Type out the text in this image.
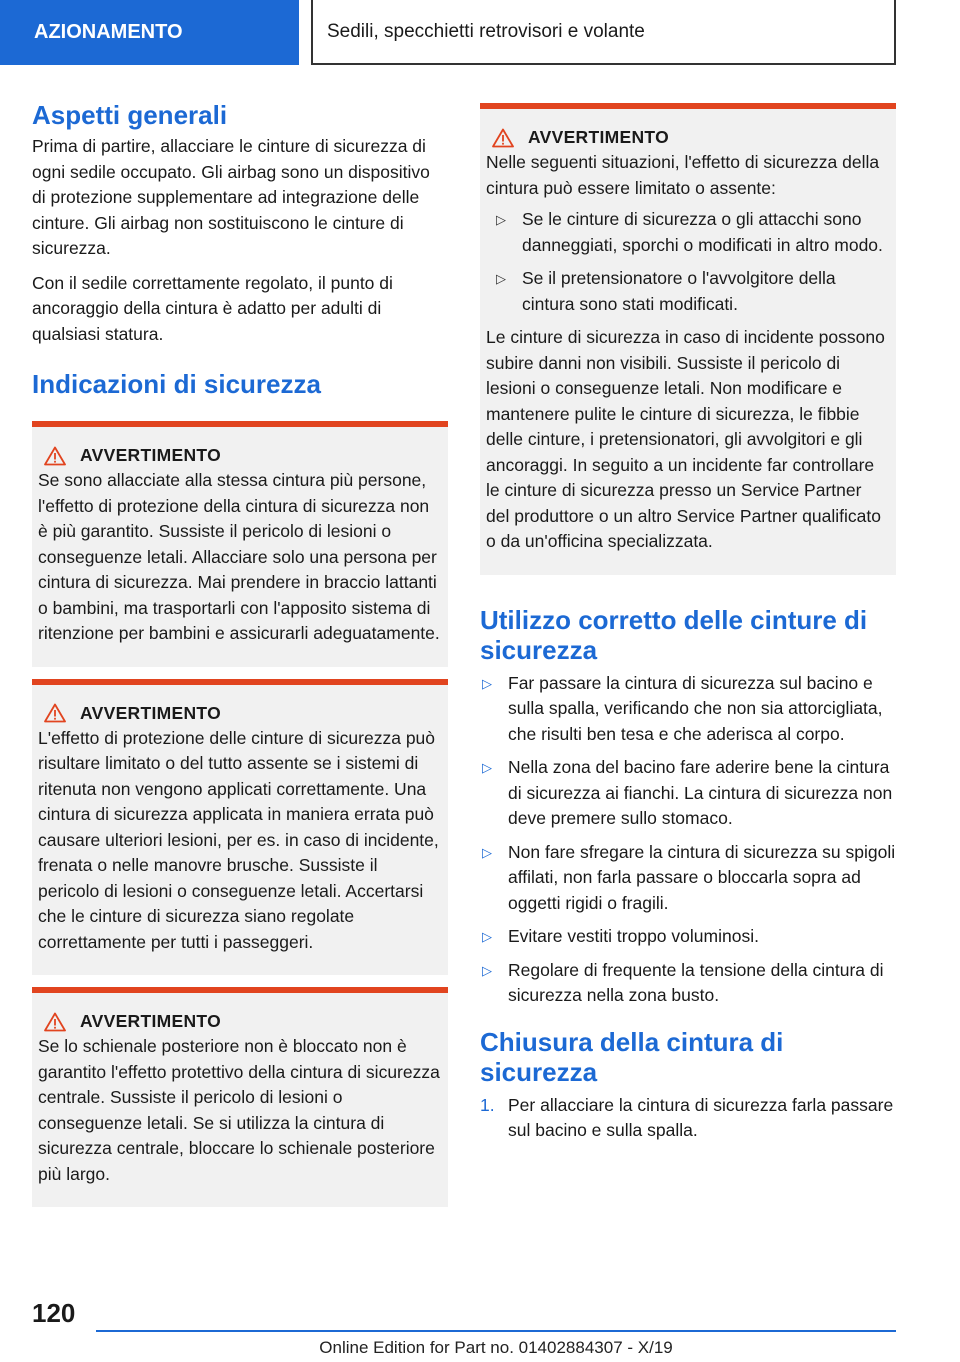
AZIONAMENTO	Sedili, specchietti retrovisori e volante
Aspetti generali

Prima di partire, allacciare le cinture di sicurezza di ogni sedile occupato. Gli airbag sono un dispositivo di protezione supplementare ad integrazione delle cinture. Gli airbag non sostituiscono le cinture di sicurezza.

Con il sedile correttamente regolato, il punto di ancoraggio della cintura è adatto per adulti di qualsiasi statura.

Indicazioni di sicurezza
AVVERTIMENTO

Se sono allacciate alla stessa cintura più persone, l'effetto di protezione della cintura di sicurezza non è più garantito. Sussiste il pericolo di lesioni o conseguenze letali. Allacciare solo una persona per cintura di sicurezza. Mai prendere in braccio lattanti o bambini, ma trasportarli con l'apposito sistema di ritenzione per bambini e assicurarli adeguatamente.

AVVERTIMENTO

L'effetto di protezione delle cinture di sicurezza può risultare limitato o del tutto assente se i sistemi di ritenuta non vengono applicati correttamente. Una cintura di sicurezza applicata in maniera errata può causare ulteriori lesioni, per es. in caso di incidente, frenata o nelle manovre brusche. Sussiste il pericolo di lesioni o conseguenze letali. Accertarsi che le cinture di sicurezza siano regolate correttamente per tutti i passeggeri.

AVVERTIMENTO

Se lo schienale posteriore non è bloccato non è garantito l'effetto protettivo della cintura di sicurezza centrale. Sussiste il pericolo di lesioni o conseguenze letali. Se si utilizza la cintura di sicurezza centrale, bloccare lo schienale posteriore più largo.

AVVERTIMENTO

Nelle seguenti situazioni, l'effetto di sicurezza della cintura può essere limitato o assente:

▷ Se le cinture di sicurezza o gli attacchi sono danneggiati, sporchi o modificati in altro modo.
▷ Se il pretensionatore o l'avvolgitore della cintura sono stati modificati.

Le cinture di sicurezza in caso di incidente possono subire danni non visibili. Sussiste il pericolo di lesioni o conseguenze letali. Non modificare e mantenere pulite le cinture di sicurezza, le fibbie delle cinture, i pretensionatori, gli avvolgitori e gli ancoraggi. In seguito a un incidente far controllare le cinture di sicurezza presso un Service Partner del produttore o un altro Service Partner qualificato o da un'officina specializzata.

Utilizzo corretto delle cinture di sicurezza
▷ Far passare la cintura di sicurezza sul bacino e sulla spalla, verificando che non sia attorcigliata, che risulti ben tesa e che aderisca al corpo.
▷ Nella zona del bacino fare aderire bene la cintura di sicurezza ai fianchi. La cintura di sicurezza non deve premere sullo stomaco.
▷ Non fare sfregare la cintura di sicurezza su spigoli affilati, non farla passare o bloccarla sopra ad oggetti rigidi o fragili.
▷ Evitare vestiti troppo voluminosi.
▷ Regolare di frequente la tensione della cintura di sicurezza nella zona busto.
Chiusura della cintura di sicurezza
1. Per allacciare la cintura di sicurezza farla passare sul bacino e sulla spalla.
120
Online Edition for Part no. 01402884307 - X/19
